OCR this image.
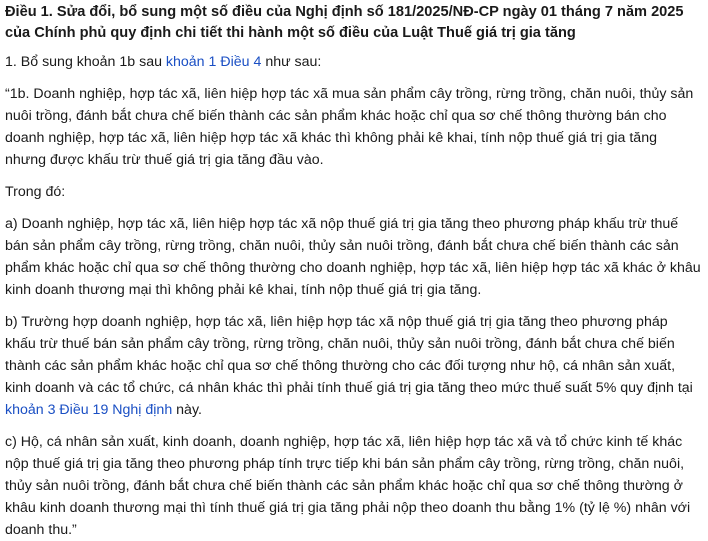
Điều 1. Sửa đổi, bổ sung một số điều của Nghị định số 181/2025/NĐ-CP ngày 01 tháng 7 năm 2025 của Chính phủ quy định chi tiết thi hành một số điều của Luật Thuế giá trị gia tăng

1. Bổ sung khoản 1b sau khoản 1 Điều 4 như sau:

“1b. Doanh nghiệp, hợp tác xã, liên hiệp hợp tác xã mua sản phẩm cây trồng, rừng trồng, chăn nuôi, thủy sản nuôi trồng, đánh bắt chưa chế biến thành các sản phẩm khác hoặc chỉ qua sơ chế thông thường bán cho doanh nghiệp, hợp tác xã, liên hiệp hợp tác xã khác thì không phải kê khai, tính nộp thuế giá trị gia tăng nhưng được khấu trừ thuế giá trị gia tăng đầu vào.

Trong đó:

a) Doanh nghiệp, hợp tác xã, liên hiệp hợp tác xã nộp thuế giá trị gia tăng theo phương pháp khấu trừ thuế bán sản phẩm cây trồng, rừng trồng, chăn nuôi, thủy sản nuôi trồng, đánh bắt chưa chế biến thành các sản phẩm khác hoặc chỉ qua sơ chế thông thường cho doanh nghiệp, hợp tác xã, liên hiệp hợp tác xã khác ở khâu kinh doanh thương mại thì không phải kê khai, tính nộp thuế giá trị gia tăng.

b) Trường hợp doanh nghiệp, hợp tác xã, liên hiệp hợp tác xã nộp thuế giá trị gia tăng theo phương pháp khấu trừ thuế bán sản phẩm cây trồng, rừng trồng, chăn nuôi, thủy sản nuôi trồng, đánh bắt chưa chế biến thành các sản phẩm khác hoặc chỉ qua sơ chế thông thường cho các đối tượng như hộ, cá nhân sản xuất, kinh doanh và các tổ chức, cá nhân khác thì phải tính thuế giá trị gia tăng theo mức thuế suất 5% quy định tại khoản 3 Điều 19 Nghị định này.

c) Hộ, cá nhân sản xuất, kinh doanh, doanh nghiệp, hợp tác xã, liên hiệp hợp tác xã và tổ chức kinh tế khác nộp thuế giá trị gia tăng theo phương pháp tính trực tiếp khi bán sản phẩm cây trồng, rừng trồng, chăn nuôi, thủy sản nuôi trồng, đánh bắt chưa chế biến thành các sản phẩm khác hoặc chỉ qua sơ chế thông thường ở khâu kinh doanh thương mại thì tính thuế giá trị gia tăng phải nộp theo doanh thu bằng 1% (tỷ lệ %) nhân với doanh thu.”
